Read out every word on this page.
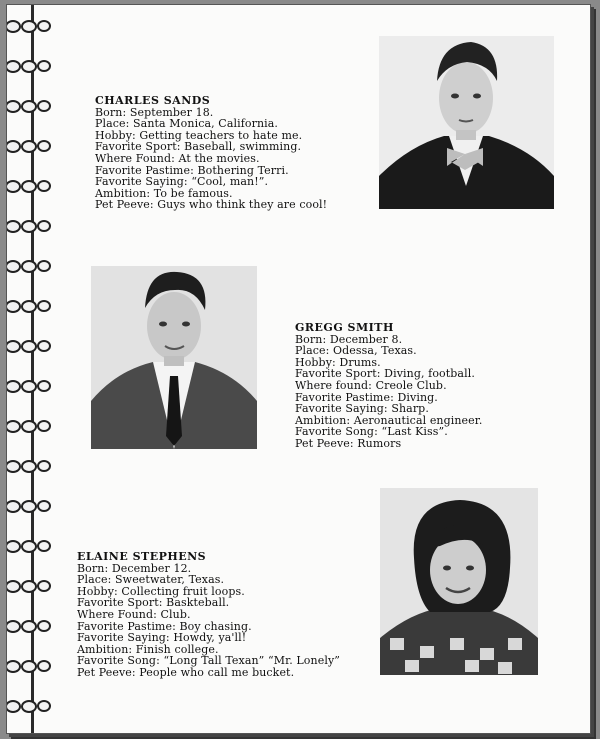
CHARLES SANDS
Born: September 18.
Place: Santa Monica, California.
Hobby: Getting teachers to hate me.
Favorite Sport: Baseball, swimming.
Where Found: At the movies.
Favorite Pastime: Bothering Terri.
Favorite Saying: “Cool, man!”.
Ambition: To be famous.
Pet Peeve: Guys who think they are cool!
GREGG SMITH
Born: December 8.
Place: Odessa, Texas.
Hobby: Drums.
Favorite Sport: Diving, football.
Where found: Creole Club.
Favorite Pastime: Diving.
Favorite Saying: Sharp.
Ambition: Aeronautical engineer.
Favorite Song: “Last Kiss”.
Pet Peeve: Rumors
ELAINE STEPHENS
Born: December 12.
Place: Sweetwater, Texas.
Hobby: Collecting fruit loops.
Favorite Sport: Baskteball.
Where Found: Club.
Favorite Pastime: Boy chasing.
Favorite Saying: Howdy, ya'll!
Ambition: Finish college.
Favorite Song: “Long Tall Texan” “Mr. Lonely”
Pet Peeve: People who call me bucket.
